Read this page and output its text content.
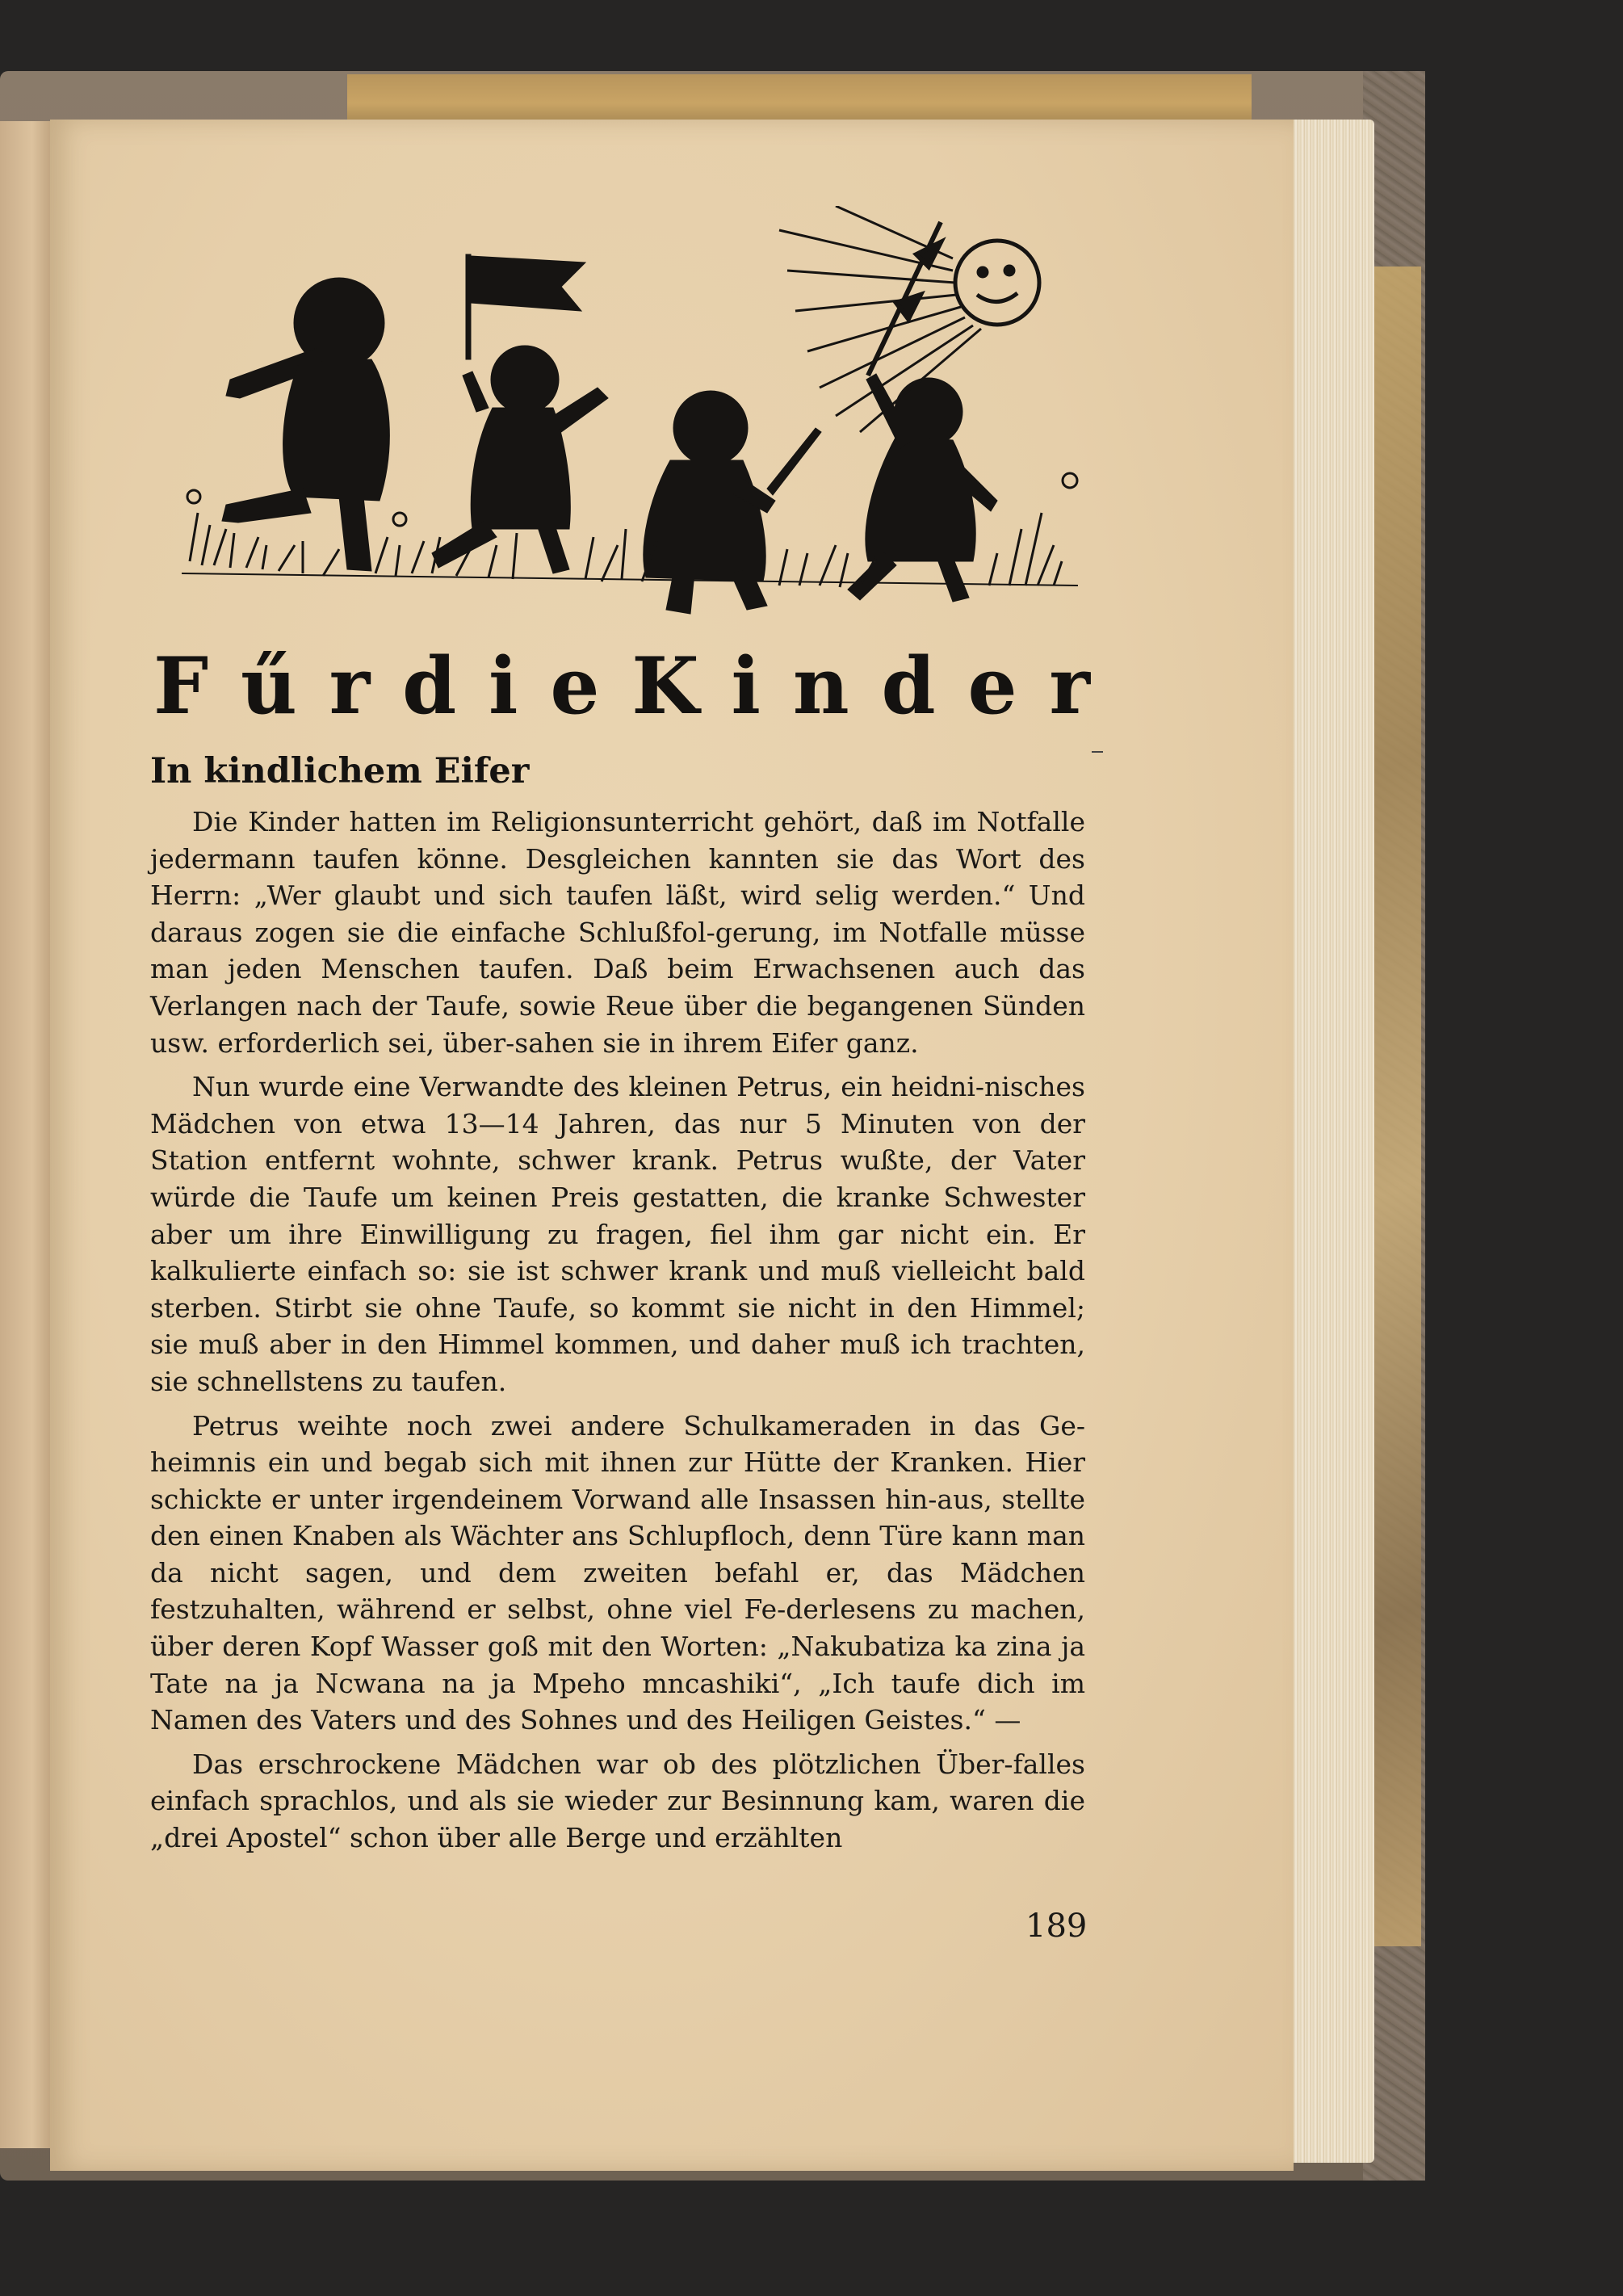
F ű r d i e K i n d e r
In kindlichem Eifer

Die Kinder hatten im Religionsunterricht gehört, daß im Notfalle jedermann taufen könne. Desgleichen kannten sie das Wort des Herrn: „Wer glaubt und sich taufen läßt, wird selig werden.“ Und daraus zogen sie die einfache Schlußfol-gerung, im Notfalle müsse man jeden Menschen taufen. Daß beim Erwachsenen auch das Verlangen nach der Taufe, sowie Reue über die begangenen Sünden usw. erforderlich sei, über-sahen sie in ihrem Eifer ganz.

Nun wurde eine Verwandte des kleinen Petrus, ein heidni-nisches Mädchen von etwa 13—14 Jahren, das nur 5 Minuten von der Station entfernt wohnte, schwer krank. Petrus wußte, der Vater würde die Taufe um keinen Preis gestatten, die kranke Schwester aber um ihre Einwilligung zu fragen, fiel ihm gar nicht ein. Er kalkulierte einfach so: sie ist schwer krank und muß vielleicht bald sterben. Stirbt sie ohne Taufe, so kommt sie nicht in den Himmel; sie muß aber in den Himmel kommen, und daher muß ich trachten, sie schnellstens zu taufen.

Petrus weihte noch zwei andere Schulkameraden in das Ge-heimnis ein und begab sich mit ihnen zur Hütte der Kranken. Hier schickte er unter irgendeinem Vorwand alle Insassen hin-aus, stellte den einen Knaben als Wächter ans Schlupfloch, denn Türe kann man da nicht sagen, und dem zweiten befahl er, das Mädchen festzuhalten, während er selbst, ohne viel Fe-derlesens zu machen, über deren Kopf Wasser goß mit den Worten: „Nakubatiza ka zina ja Tate na ja Ncwana na ja Mpeho mncashiki“, „Ich taufe dich im Namen des Vaters und des Sohnes und des Heiligen Geistes.“ —

Das erschrockene Mädchen war ob des plötzlichen Über-falles einfach sprachlos, und als sie wieder zur Besinnung kam, waren die „drei Apostel“ schon über alle Berge und erzählten

189
